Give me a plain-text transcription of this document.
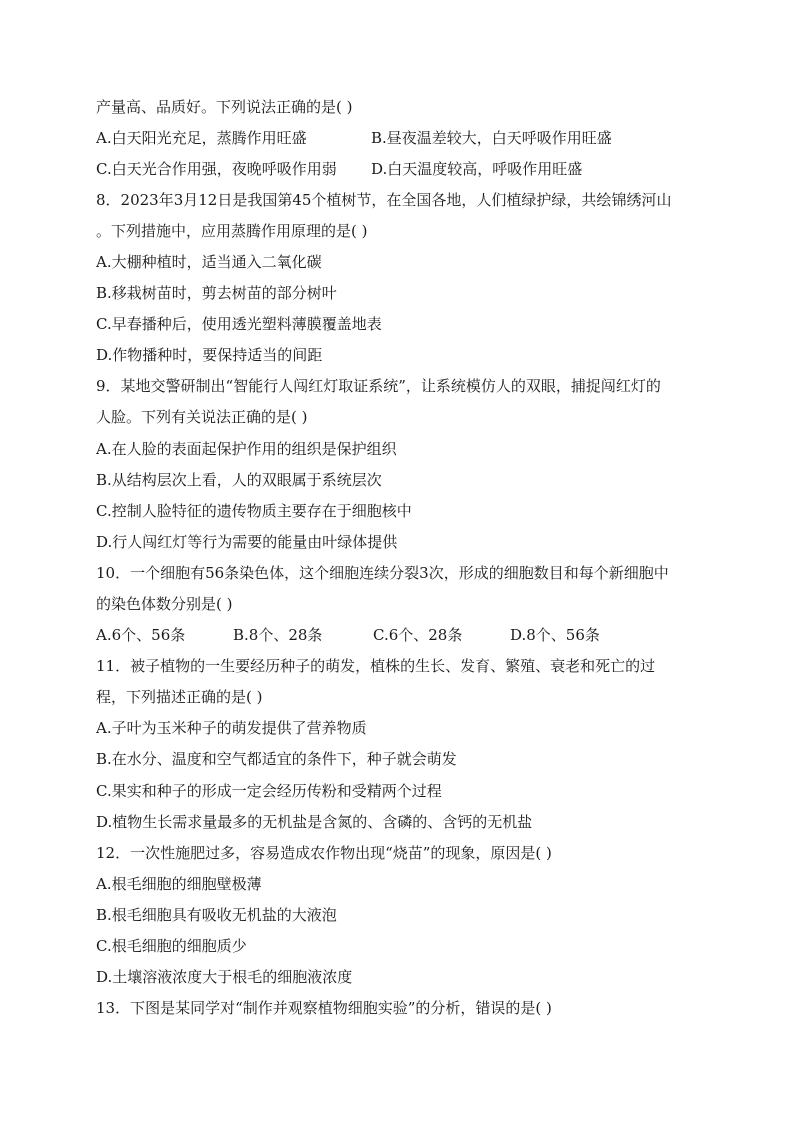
产量高、品质好。下列说法正确的是( )
A.白天阳光充足，蒸腾作用旺盛	B.昼夜温差较大，白天呼吸作用旺盛
C.白天光合作用强，夜晚呼吸作用弱 D.白天温度较高，呼吸作用旺盛
8．2023年3月12日是我国第45个植树节，在全国各地，人们植绿护绿，共绘锦绣河山
。下列措施中，应用蒸腾作用原理的是( )
A.大棚种植时，适当通入二氧化碳
B.移栽树苗时，剪去树苗的部分树叶
C.早春播种后，使用透光塑料薄膜覆盖地表
D.作物播种时，要保持适当的间距
9．某地交警研制出“智能行人闯红灯取证系统”，让系统模仿人的双眼，捕捉闯红灯的
人脸。下列有关说法正确的是( )
A.在人脸的表面起保护作用的组织是保护组织
B.从结构层次上看，人的双眼属于系统层次
C.控制人脸特征的遗传物质主要存在于细胞核中
D.行人闯红灯等行为需要的能量由叶绿体提供
10．一个细胞有56条染色体，这个细胞连续分裂3次，形成的细胞数目和每个新细胞中
的染色体数分别是( )
A.6个、56条	B.8个、28条	C.6个、28条	D.8个、56条
11．被子植物的一生要经历种子的萌发，植株的生长、发育、繁殖、衰老和死亡的过
程，下列描述正确的是( )
A.子叶为玉米种子的萌发提供了营养物质
B.在水分、温度和空气都适宜的条件下，种子就会萌发
C.果实和种子的形成一定会经历传粉和受精两个过程
D.植物生长需求量最多的无机盐是含氮的、含磷的、含钙的无机盐
12．一次性施肥过多，容易造成农作物出现“烧苗”的现象，原因是( )
A.根毛细胞的细胞壁极薄
B.根毛细胞具有吸收无机盐的大液泡
C.根毛细胞的细胞质少
D.土壤溶液浓度大于根毛的细胞液浓度
13．下图是某同学对“制作并观察植物细胞实验”的分析，错误的是( )
